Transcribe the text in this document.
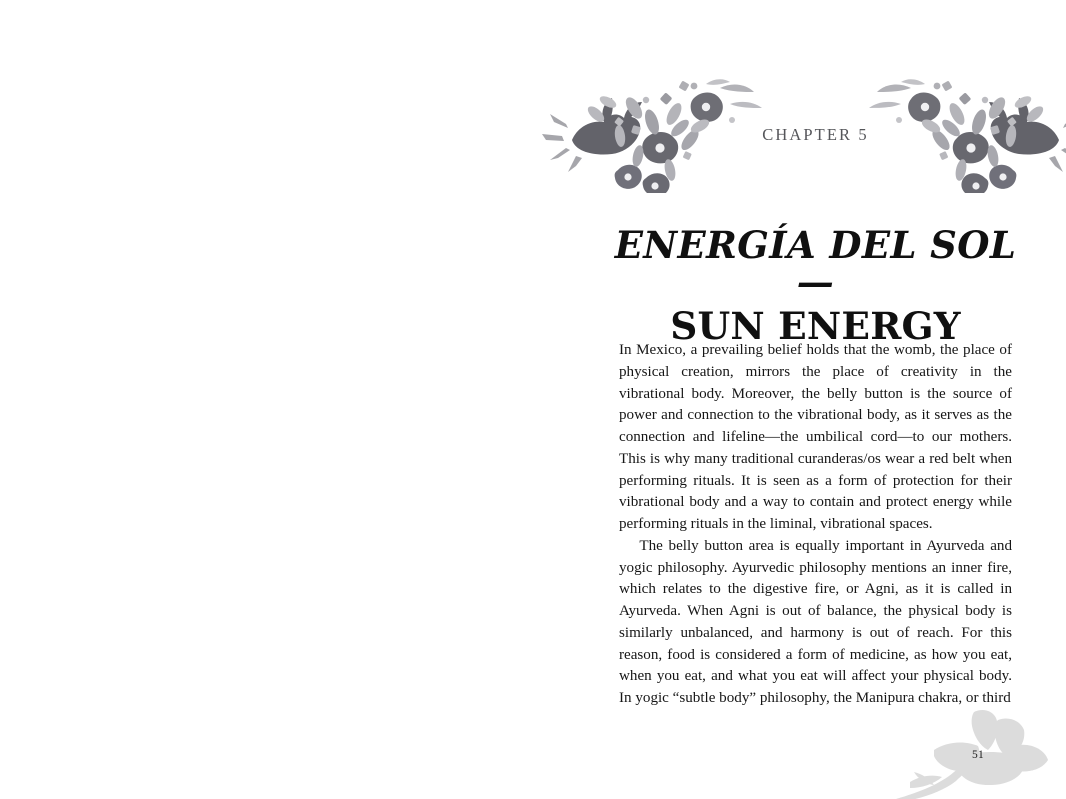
CHAPTER 5
ENERGÍA DEL SOL—
SUN ENERGY

In Mexico, a prevailing belief holds that the womb, the place of physical creation, mirrors the place of creativity in the vibrational body. Moreover, the belly button is the source of power and connection to the vibrational body, as it serves as the connection and lifeline—the umbilical cord—to our mothers. This is why many traditional curanderas/os wear a red belt when performing rituals. It is seen as a form of protection for their vibrational body and a way to contain and protect energy while performing rituals in the liminal, vibrational spaces.

The belly button area is equally important in Ayurveda and yogic philosophy. Ayurvedic philosophy mentions an inner fire, which relates to the digestive fire, or Agni, as it is called in Ayurveda. When Agni is out of balance, the physical body is similarly unbalanced, and harmony is out of reach. For this reason, food is considered a form of medicine, as how you eat, when you eat, and what you eat will affect your physical body. In yogic “subtle body” philosophy, the Manipura chakra, or third

51
